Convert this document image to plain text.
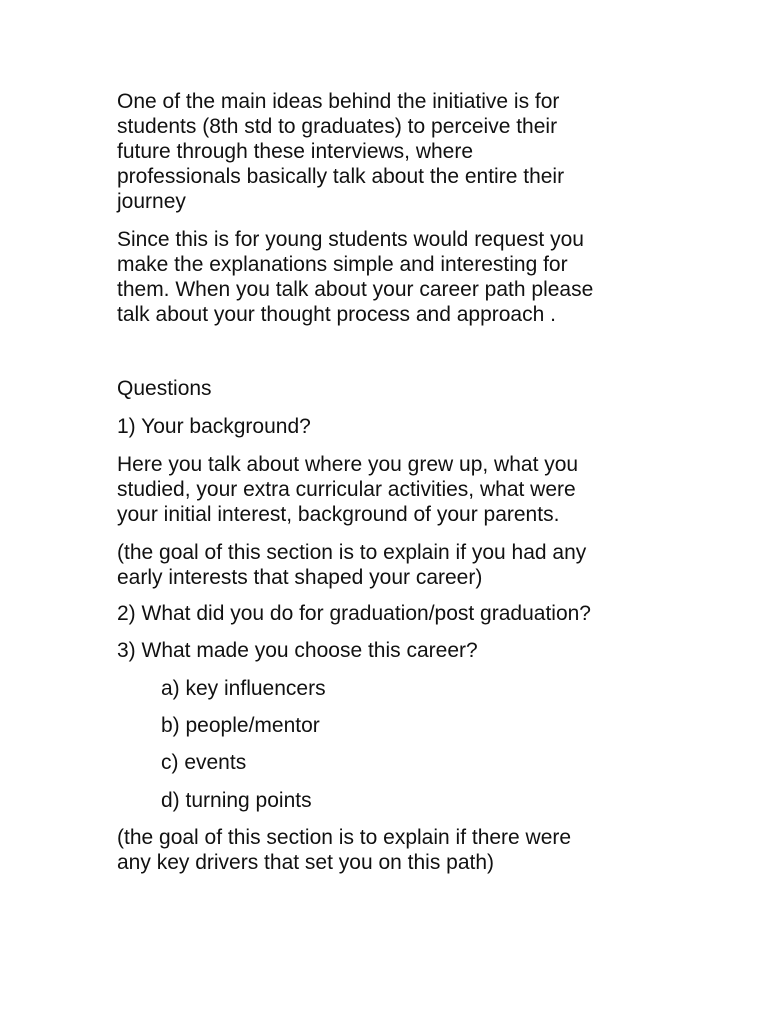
One of the main ideas behind the initiative is for
students (8th std to graduates) to perceive their
future through these interviews, where
professionals basically talk about the entire their
journey

Since this is for young students would request you
make the explanations simple and interesting for
them. When you talk about your career path please
talk about your thought process and approach .

Questions

1) Your background?

Here you talk about where you grew up, what you
studied, your extra curricular activities, what were
your initial interest, background of your parents.

(the goal of this section is to explain if you had any
early interests that shaped your career)

2) What did you do for graduation/post graduation?

3) What made you choose this career?

a) key influencers

b) people/mentor

c) events

d) turning points

(the goal of this section is to explain if there were
any key drivers that set you on this path)
